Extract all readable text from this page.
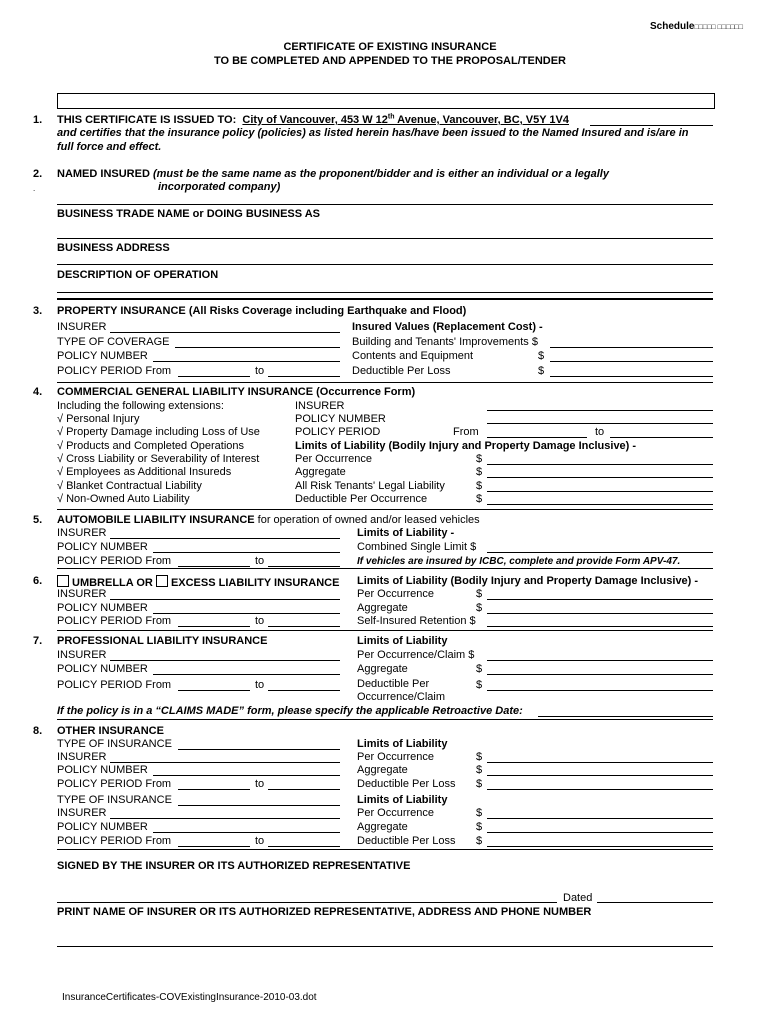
Schedule□□□□□ □□□□□□
CERTIFICATE OF EXISTING INSURANCE
TO BE COMPLETED AND APPENDED TO THE PROPOSAL/TENDER
1. THIS CERTIFICATE IS ISSUED TO: City of Vancouver, 453 W 12th Avenue, Vancouver, BC, V5Y 1V4
and certifies that the insurance policy (policies) as listed herein has/have been issued to the Named Insured and is/are in
full force and effect.
2. NAMED INSURED (must be the same name as the proponent/bidder and is either an individual or a legally
incorporated company)
.
BUSINESS TRADE NAME or DOING BUSINESS AS
BUSINESS ADDRESS
DESCRIPTION OF OPERATION
3. PROPERTY INSURANCE (All Risks Coverage including Earthquake and Flood)
INSURER
TYPE OF COVERAGE
POLICY NUMBER
POLICY PERIOD From	to
Insured Values (Replacement Cost) -
Building and Tenants' Improvements $
Contents and Equipment	$
Deductible Per Loss	$
4. COMMERCIAL GENERAL LIABILITY INSURANCE (Occurrence Form)
Including the following extensions:
√ Personal Injury
√ Property Damage including Loss of Use
√ Products and Completed Operations
√ Cross Liability or Severability of Interest
√ Employees as Additional Insureds
√ Blanket Contractual Liability
√ Non-Owned Auto Liability
INSURER
POLICY NUMBER
POLICY PERIOD	From	to
Limits of Liability (Bodily Injury and Property Damage Inclusive) -
Per Occurrence	$
Aggregate	$
All Risk Tenants' Legal Liability	$
Deductible Per Occurrence	$
5. AUTOMOBILE LIABILITY INSURANCE for operation of owned and/or leased vehicles
INSURER
POLICY NUMBER
POLICY PERIOD From	to
Limits of Liability -
Combined Single Limit $
If vehicles are insured by ICBC, complete and provide Form APV-47.
6.	UMBRELLA OR EXCESS LIABILITY INSURANCE Limits of Liability (Bodily Injury and Property Damage Inclusive) -
INSURER
POLICY NUMBER
POLICY PERIOD From	to
Per Occurrence	$
Aggregate	$
Self-Insured Retention $
7. PROFESSIONAL LIABILITY INSURANCE	Limits of Liability
INSURER
POLICY NUMBER
POLICY PERIOD From	to
Per Occurrence/Claim $
Aggregate	$
Deductible Per	$
Occurrence/Claim
If the policy is in a “CLAIMS MADE” form, please specify the applicable Retroactive Date:
8. OTHER INSURANCE
TYPE OF INSURANCE
INSURER
POLICY NUMBER
POLICY PERIOD From	to
Limits of Liability
Per Occurrence	$
Aggregate	$
Deductible Per Loss $
TYPE OF INSURANCE
INSURER
POLICY NUMBER
POLICY PERIOD From	to
Limits of Liability
Per Occurrence	$
Aggregate	$
Deductible Per Loss $
SIGNED BY THE INSURER OR ITS AUTHORIZED REPRESENTATIVE
Dated
PRINT NAME OF INSURER OR ITS AUTHORIZED REPRESENTATIVE, ADDRESS AND PHONE NUMBER
InsuranceCertificates-COVExistingInsurance-2010-03.dot
